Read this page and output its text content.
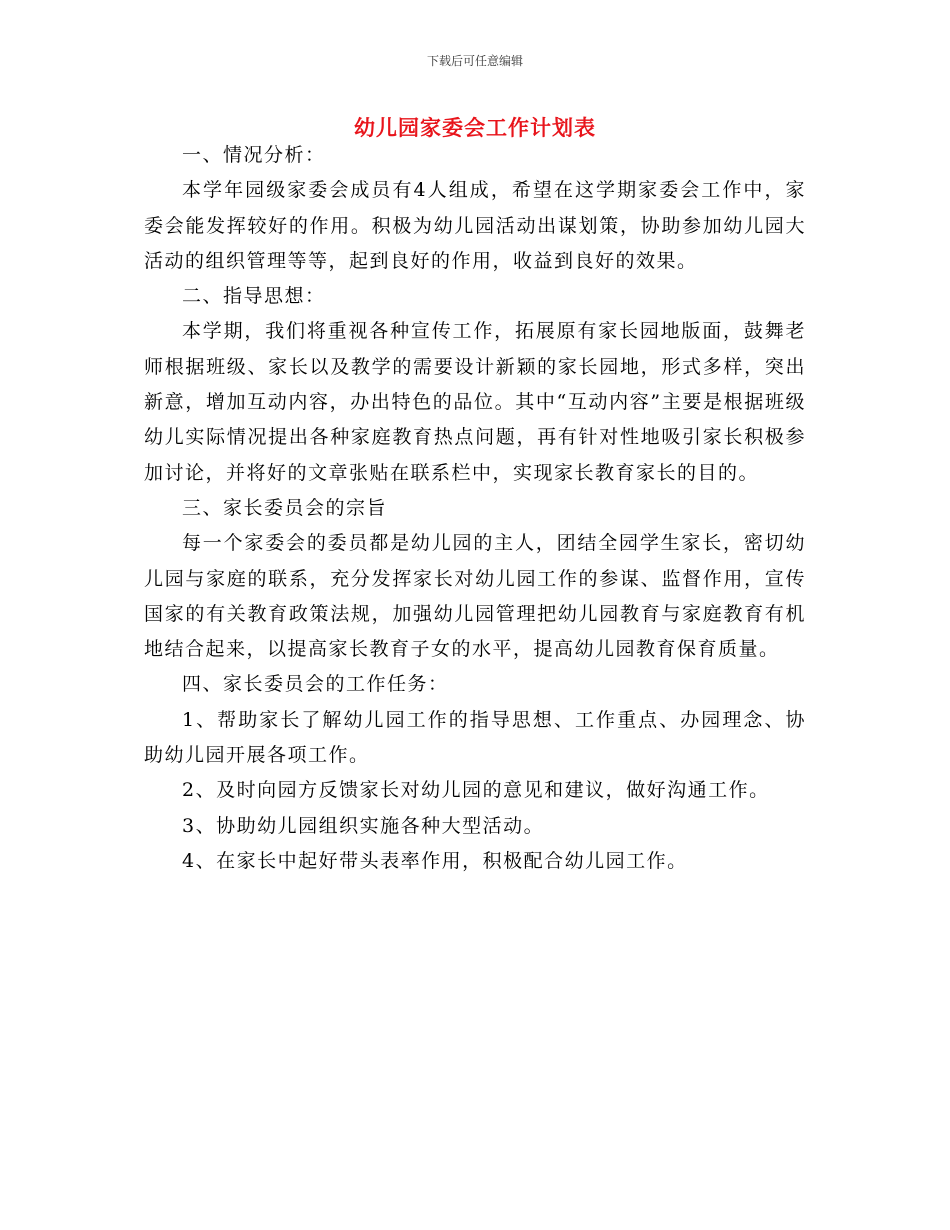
下载后可任意编辑
幼儿园家委会工作计划表

一、情况分析：

本学年园级家委会成员有4人组成，希望在这学期家委会工作中，家委会能发挥较好的作用。积极为幼儿园活动出谋划策，协助参加幼儿园大活动的组织管理等等，起到良好的作用，收益到良好的效果。

二、指导思想：

本学期，我们将重视各种宣传工作，拓展原有家长园地版面，鼓舞老师根据班级、家长以及教学的需要设计新颖的家长园地，形式多样，突出新意，增加互动内容，办出特色的品位。其中“互动内容”主要是根据班级幼儿实际情况提出各种家庭教育热点问题，再有针对性地吸引家长积极参加讨论，并将好的文章张贴在联系栏中，实现家长教育家长的目的。

三、家长委员会的宗旨

每一个家委会的委员都是幼儿园的主人，团结全园学生家长，密切幼儿园与家庭的联系，充分发挥家长对幼儿园工作的参谋、监督作用，宣传国家的有关教育政策法规，加强幼儿园管理把幼儿园教育与家庭教育有机地结合起来，以提高家长教育子女的水平，提高幼儿园教育保育质量。

四、家长委员会的工作任务：

1、帮助家长了解幼儿园工作的指导思想、工作重点、办园理念、协助幼儿园开展各项工作。

2、及时向园方反馈家长对幼儿园的意见和建议，做好沟通工作。

3、协助幼儿园组织实施各种大型活动。

4、在家长中起好带头表率作用，积极配合幼儿园工作。
